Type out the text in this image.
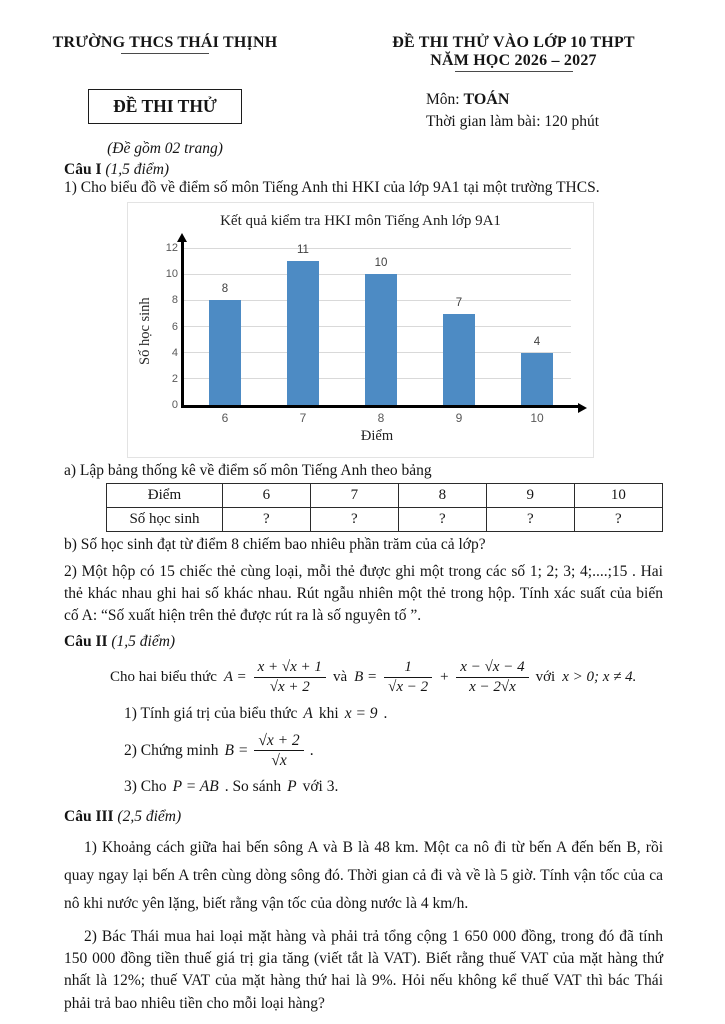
TRƯỜNG THCS THÁI THỊNH	ĐỀ THI THỬ VÀO LỚP 10 THPT
NĂM HỌC 2026 – 2027
ĐỀ THI THỬ	Môn: TOÁN
Thời gian làm bài: 120 phút
(Đề gồm 02 trang)
Câu I (1,5 điểm)
1) Cho biểu đồ về điểm số môn Tiếng Anh thi HKI của lớp 9A1 tại một trường THCS.
Kết quả kiểm tra HKI môn Tiếng Anh lớp 9A1
Số học sinh
0
2
4
6
8
10
12
8
11
10
7
4
6	7	8	9	10
Điểm
a) Lập bảng thống kê về điểm số môn Tiếng Anh theo bảng
Điểm	6	7	8	9	10
Số học sinh	?	?	?	?	?
b) Số học sinh đạt từ điểm 8 chiếm bao nhiêu phần trăm của cả lớp?
2) Một hộp có 15 chiếc thẻ cùng loại, mỗi thẻ được ghi một trong các số 1; 2; 3; 4;....;15 . Hai thẻ khác nhau ghi hai số khác nhau. Rút ngẫu nhiên một thẻ trong hộp. Tính xác suất của biến cố A: “Số xuất hiện trên thẻ được rút ra là số nguyên tố ”.
Câu II (1,5 điểm)
Cho hai biểu thức $A = \frac{x + √x + 1}{√x + 2}$ và $B = \frac{1}{√x - 2} + \frac{x - √x - 4}{x - 2√x}$ với x > 0; x ≠ 4.
1) Tính giá trị của biểu thức A khi x = 9 .
2) Chứng minh $B = \frac{√x + 2}{√x}$ .
3) Cho P = AB . So sánh P với 3.
Câu III (2,5 điểm)
1) Khoảng cách giữa hai bến sông A và B là 48 km. Một ca nô đi từ bến A đến bến B, rồi quay ngay lại bến A trên cùng dòng sông đó. Thời gian cả đi và về là 5 giờ. Tính vận tốc của ca nô khi nước yên lặng, biết rằng vận tốc của dòng nước là 4 km/h.
2) Bác Thái mua hai loại mặt hàng và phải trả tổng cộng 1 650 000 đồng, trong đó đã tính 150 000 đồng tiền thuế giá trị gia tăng (viết tắt là VAT). Biết rằng thuế VAT của mặt hàng thứ nhất là 12%; thuế VAT của mặt hàng thứ hai là 9%. Hỏi nếu không kể thuế VAT thì bác Thái phải trả bao nhiêu tiền cho mỗi loại hàng?
